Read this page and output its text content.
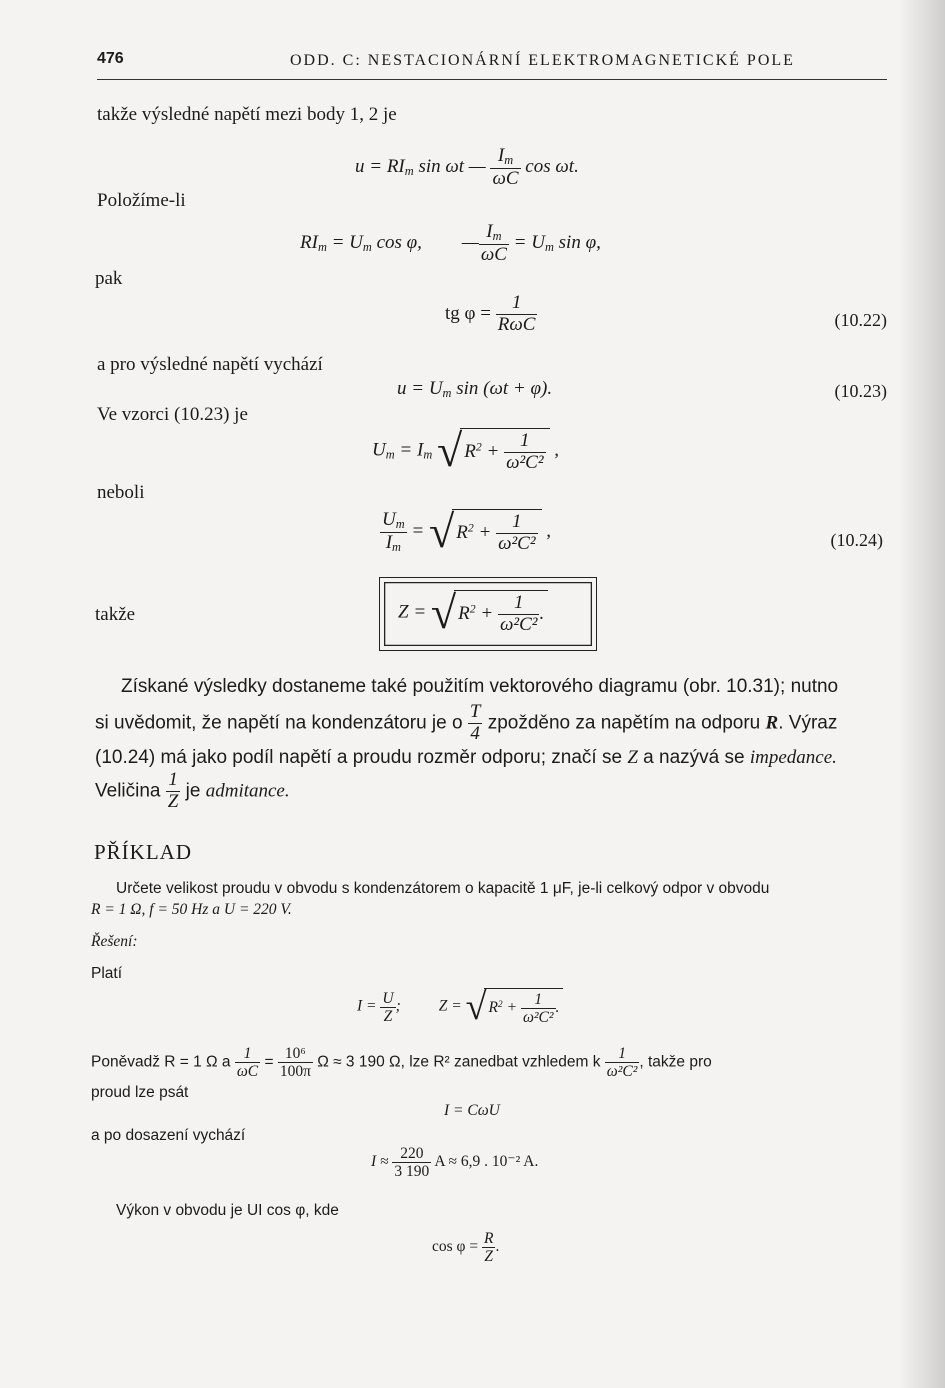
476	ODD. C: NESTACIONÁRNÍ ELEKTROMAGNETICKÉ POLE
takže výsledné napětí mezi body 1, 2 je
$u = RI_m$ sin ωt — $\frac{I_m}{\omega C}$ cos ωt.
Položíme-li
$RI_m = U_m$ cos φ, — $\frac{I_m}{\omega C} = U_m$ sin φ,
pak
tg φ =
1
RωC	(10.22)
a pro výsledné napětí vychází
$u = U_m$ sin (ωt + φ).	(10.23)
Ve vzorci (10.23) je
$U_m = I_m$ √ $R^2 + \frac{1}{\text{ω²C²}}$ ,
neboli
$\frac{U_m}{I_m}$ = √ $R^2 + \frac{1}{\text{ω²C²}}$ ,	(10.24)
takže	Z = √ $R^2 + \frac{1}{\text{ω²C²}}$ .
Získané výsledky dostaneme také použitím vektorového diagramu (obr. 10.31); nutno
si uvědomit, že napětí na kondenzátoru je o $\frac{T}{4}$ zpožděno za napětím na odporu R. Výraz
(10.24) má jako podíl napětí a proudu rozměr odporu; značí se Z a nazývá se impedance.
Veličina $\frac{1}{Z}$ je admitance.
PŘÍKLAD
Určete velikost proudu v obvodu s kondenzátorem o kapacitě 1 μF, je-li celkový odpor v obvodu
R = 1 Ω, f = 50 Hz a U = 220 V.
Řešení:
Platí
$I = \frac{U}{Z}$ ; Z = √ $R^2 + \frac{1}{\text{ω²C²}}$ .
Poněvadž R = 1 Ω a $\frac{1}{\omega C} = \frac{\text{10⁶}}{100\pi}$ Ω ≈ 3 190 Ω, lze R² zanedbat vzhledem k $\frac{1}{\text{ω²C²}}$ , takže pro
proud lze psát
I = CωU
a po dosazení vychází
$I \approx \frac{220}{3 190}$ A ≈ 6,9 . 10⁻² A.
Výkon v obvodu je UI cos φ, kde
$\cos \varphi = \frac{R}{Z}$ .
